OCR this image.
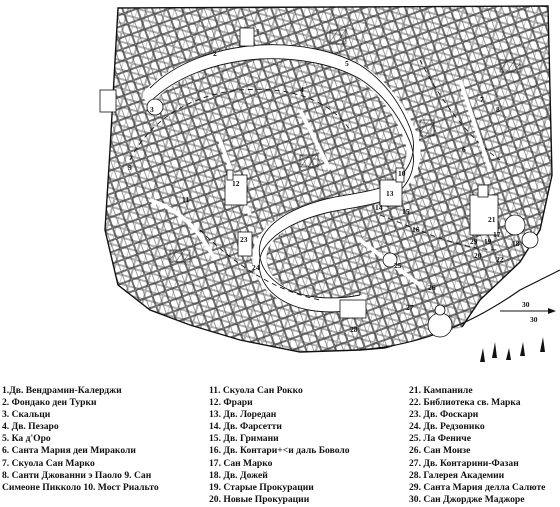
30
1
2
3
4
5
6
7
8
9
10
11
12
13
14	15
16
17
18
19
20
21
22
23
24	25
26
27
28
29
30
1.Дв. Вендрамин-Калерджи
2. Фондако деи Турки
3. Скальци
4. Дв. Пезаро
5. Ка д'Оро
6. Санта Мария деи Мираколи
7. Скуола Сан Марко
8. Санти Джованни э Паоло 9. Сан
Симеоне Пикколо 10. Мост Риальто
11. Скуола Сан Рокко
12. Фрари
13. Дв. Лоредан
14. Дв. Фарсетти
15. Дв. Гримани
16. Дв. Контари+<и даль Боволо
17. Сан Марко
18. Дв. Дожей
19. Старые Прокурации
20. Новые Прокурации
21. Кампаниле
22. Библиотека св. Марка
23. Дв. Фоскари
24. Дв. Редзонико
25. Ла Фениче
26. Сан Моизе
27. Дв. Контарини-Фазан
28. Галерея Академии
29. Санта Мария делла Салюте
30. Сан Джордже Маджоре
